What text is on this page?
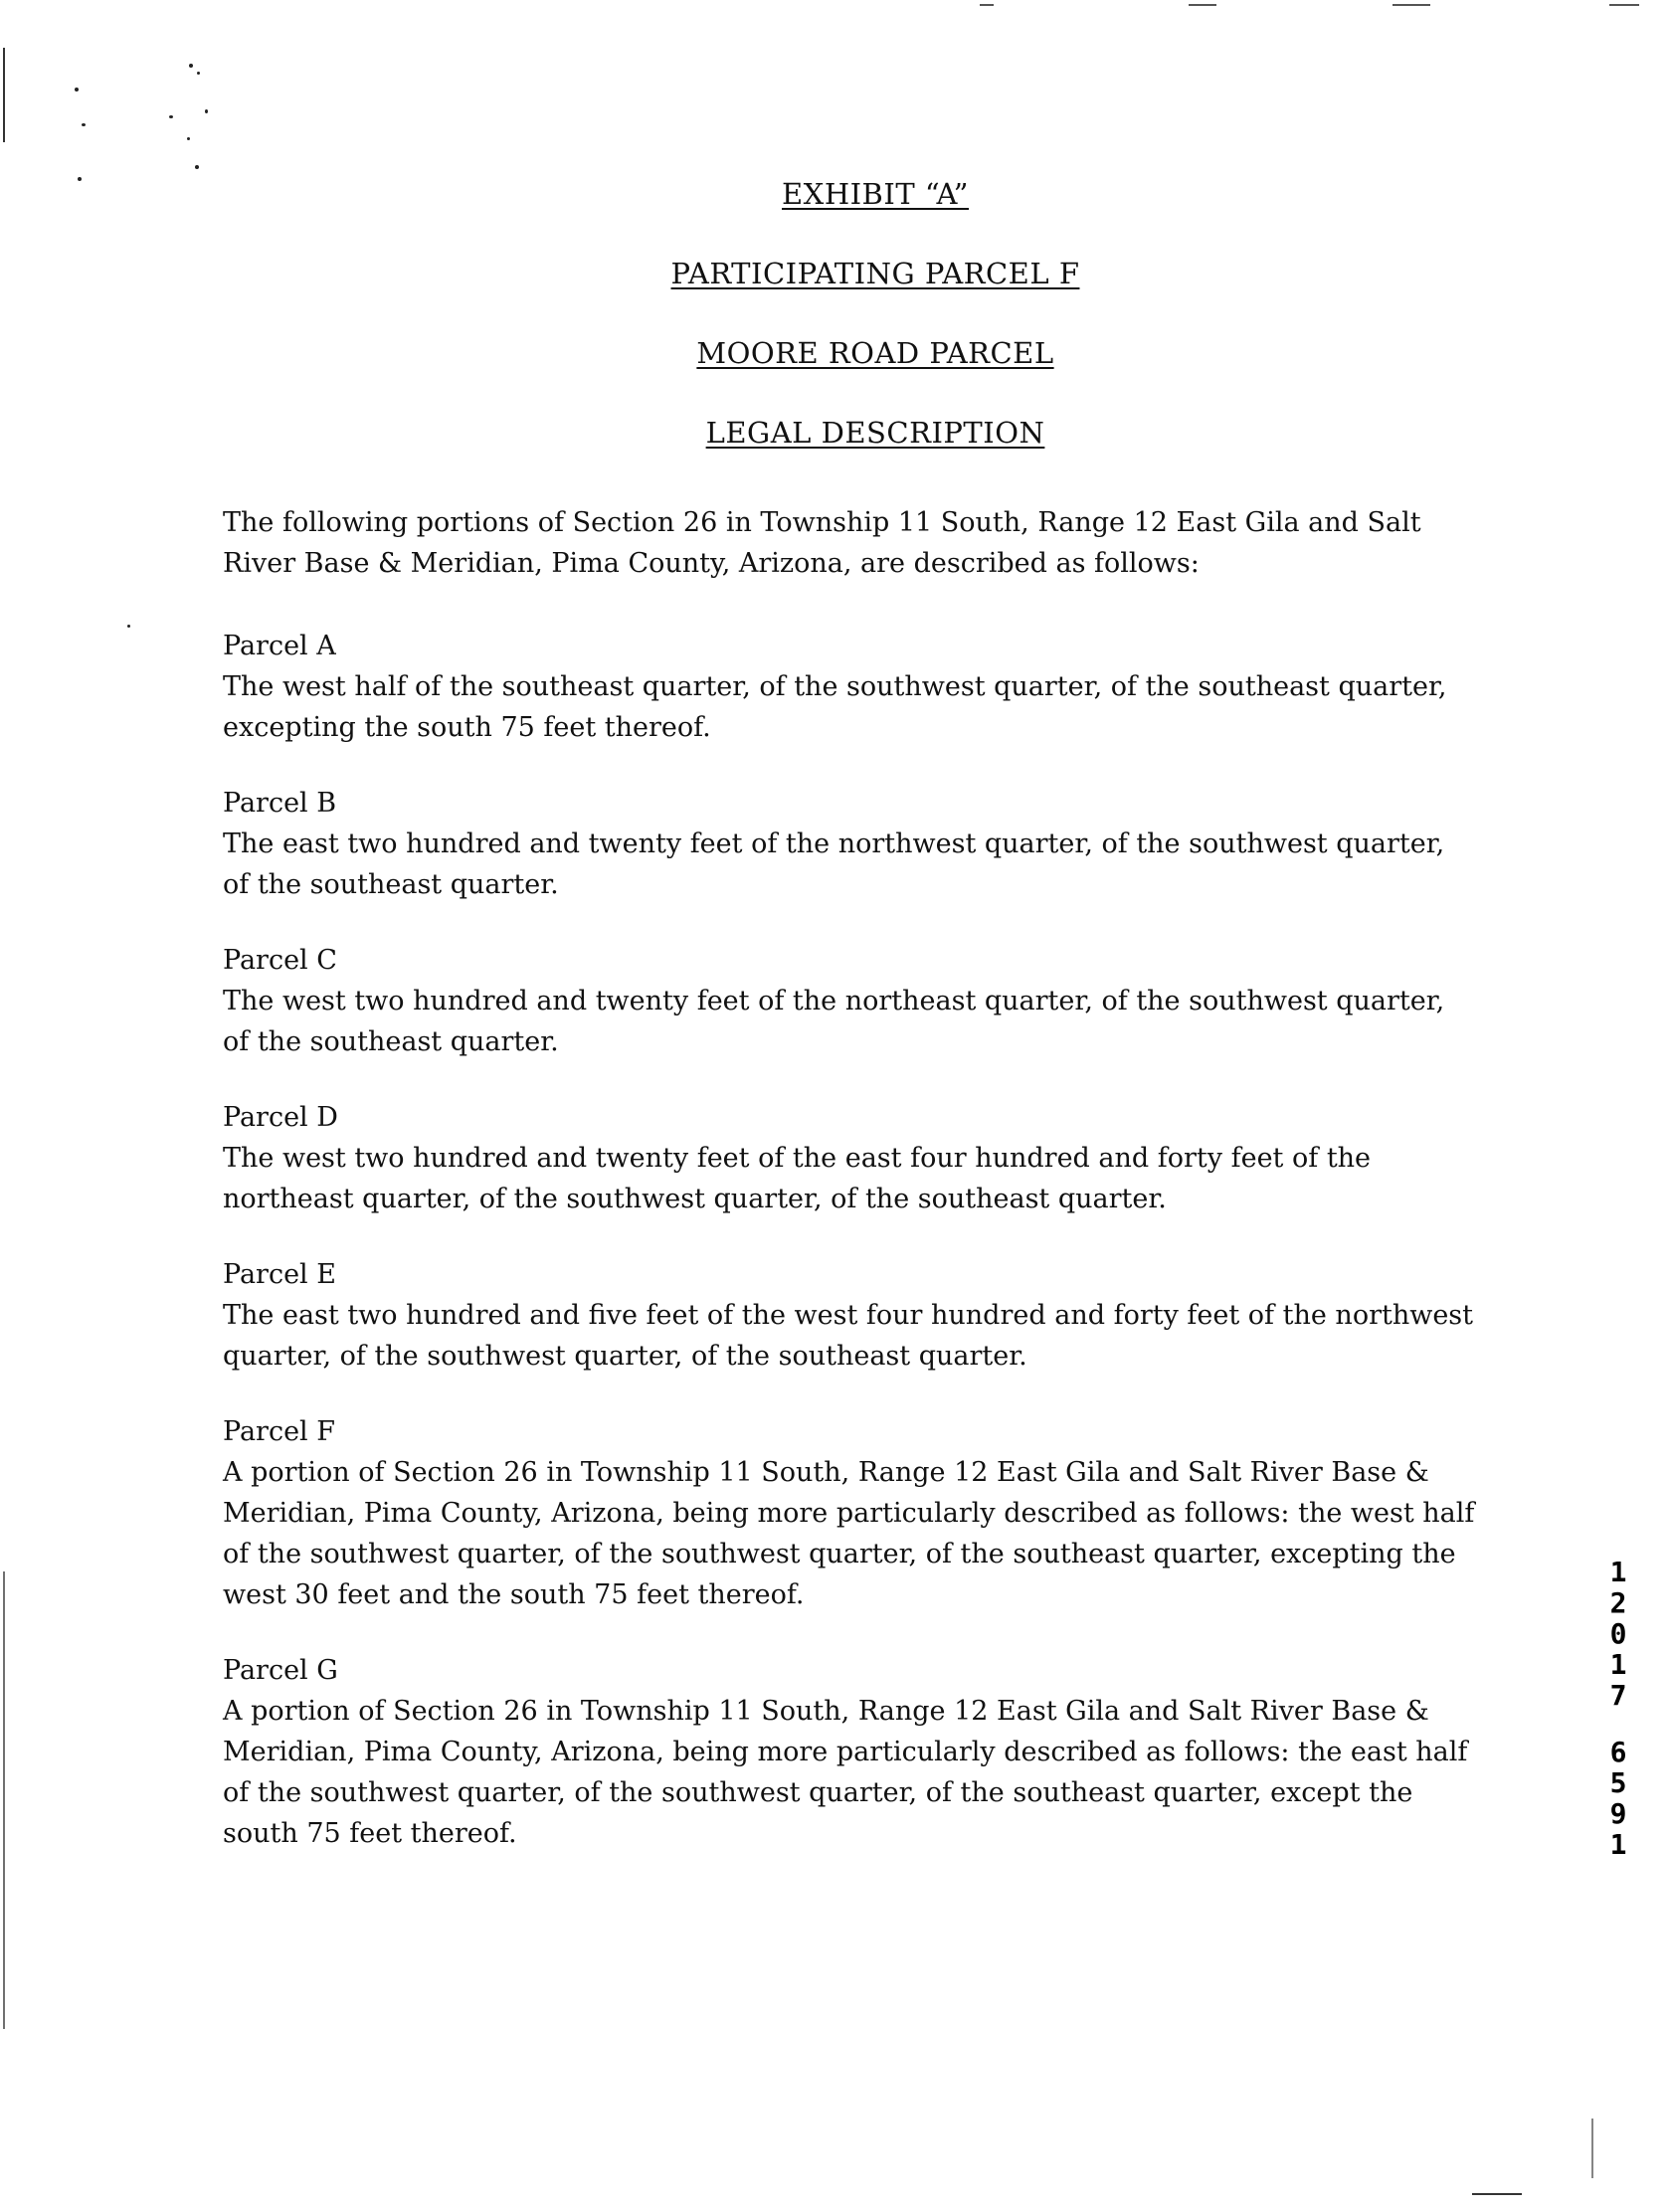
EXHIBIT “A”
PARTICIPATING PARCEL F
MOORE ROAD PARCEL
LEGAL DESCRIPTION

The following portions of Section 26 in Township 11 South, Range 12 East Gila and Salt River Base & Meridian, Pima County, Arizona, are described as follows:

Parcel A
The west half of the southeast quarter, of the southwest quarter, of the southeast quarter, excepting the south 75 feet thereof.
Parcel B
The east two hundred and twenty feet of the northwest quarter, of the southwest quarter, of the southeast quarter.
Parcel C
The west two hundred and twenty feet of the northeast quarter, of the southwest quarter, of the southeast quarter.
Parcel D
The west two hundred and twenty feet of the east four hundred and forty feet of the northeast quarter, of the southwest quarter, of the southeast quarter.
Parcel E
The east two hundred and five feet of the west four hundred and forty feet of the northwest quarter, of the southwest quarter, of the southeast quarter.
Parcel F
A portion of Section 26 in Township 11 South, Range 12 East Gila and Salt River Base & Meridian, Pima County, Arizona, being more particularly described as follows: the west half of the southwest quarter, of the southwest quarter, of the southeast quarter, excepting the west 30 feet and the south 75 feet thereof.
Parcel G
A portion of Section 26 in Township 11 South, Range 12 East Gila and Salt River Base & Meridian, Pima County, Arizona, being more particularly described as follows: the east half of the southwest quarter, of the southwest quarter, of the southeast quarter, except the south 75 feet thereof.
1
2
0
1
7
6
5
9
1
